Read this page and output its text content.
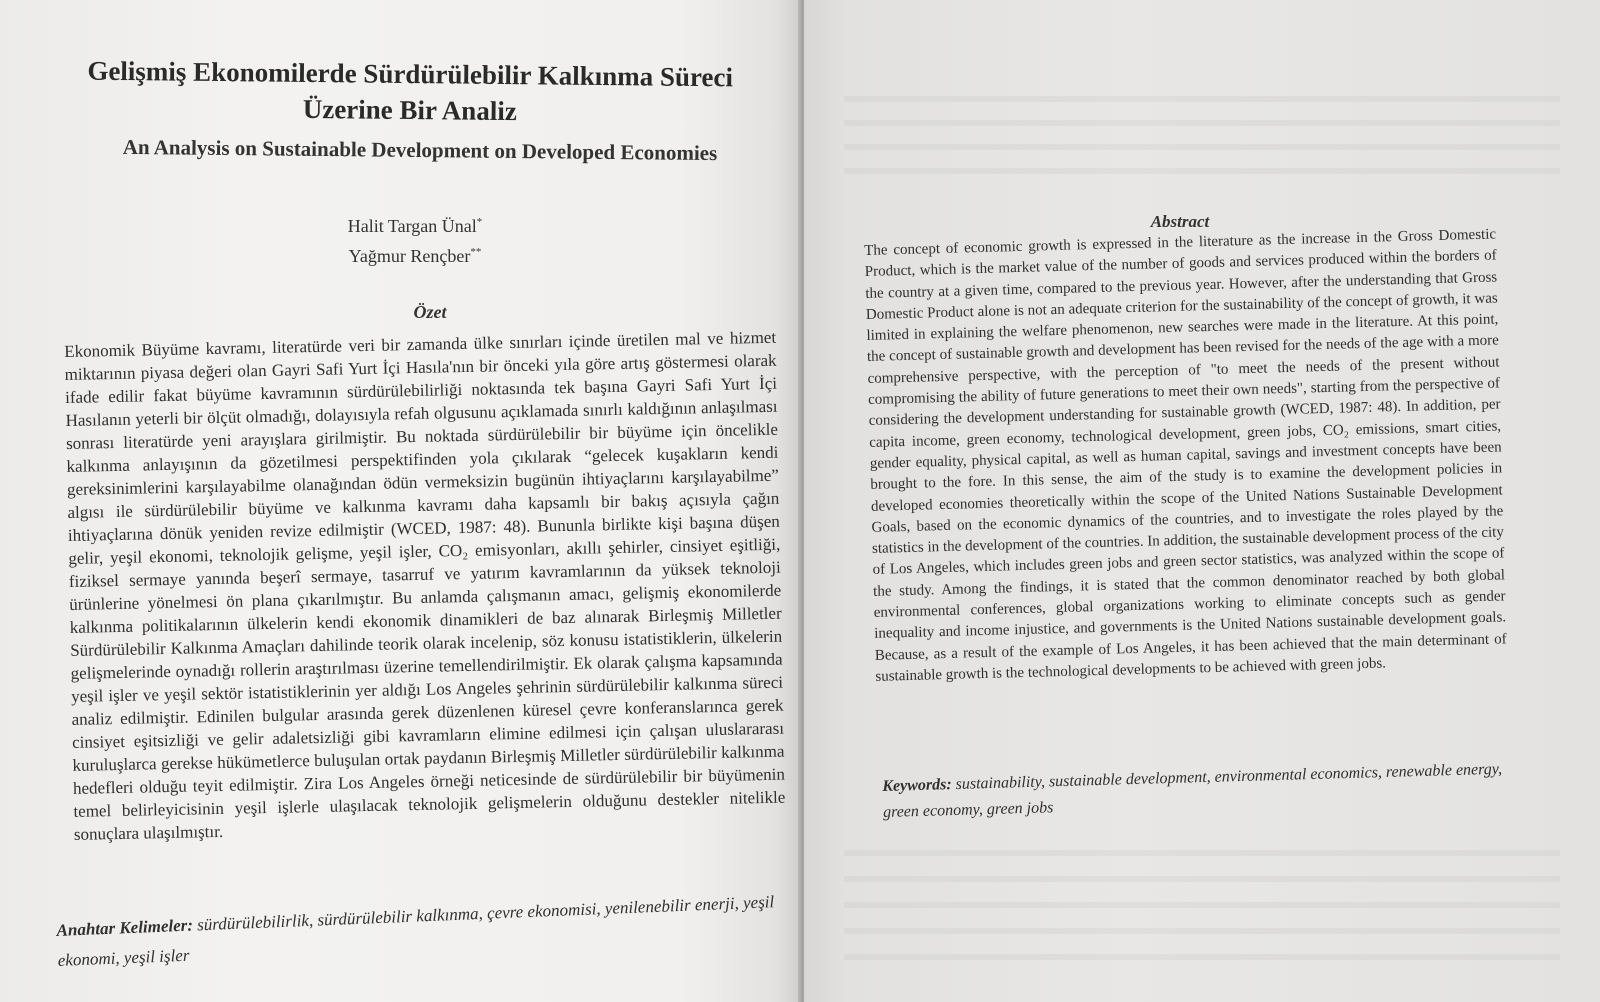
Gelişmiş Ekonomilerde Sürdürülebilir Kalkınma Süreci Üzerine Bir Analiz
An Analysis on Sustainable Development on Developed Economies
Halit Targan Ünal*
Yağmur Rençber**
Özet

Ekonomik Büyüme kavramı, literatürde veri bir zamanda ülke sınırları içinde üretilen mal ve hizmet miktarının piyasa değeri olan Gayri Safi Yurt İçi Hasıla'nın bir önceki yıla göre artış göstermesi olarak ifade edilir fakat büyüme kavramının sürdürülebilirliği noktasında tek başına Gayri Safi Yurt İçi Hasılanın yeterli bir ölçüt olmadığı, dolayısıyla refah olgusunu açıklamada sınırlı kaldığının anlaşılması sonrası literatürde yeni arayışlara girilmiştir. Bu noktada sürdürülebilir bir büyüme için öncelikle kalkınma anlayışının da gözetilmesi perspektifinden yola çıkılarak “gelecek kuşakların kendi gereksinimlerini karşılayabilme olanağından ödün vermeksizin bugünün ihtiyaçlarını karşılayabilme” algısı ile sürdürülebilir büyüme ve kalkınma kavramı daha kapsamlı bir bakış açısıyla çağın ihtiyaçlarına dönük yeniden revize edilmiştir (WCED, 1987: 48). Bununla birlikte kişi başına düşen gelir, yeşil ekonomi, teknolojik gelişme, yeşil işler, CO₂ emisyonları, akıllı şehirler, cinsiyet eşitliği, fiziksel sermaye yanında beşerî sermaye, tasarruf ve yatırım kavramlarının da yüksek teknoloji ürünlerine yönelmesi ön plana çıkarılmıştır. Bu anlamda çalışmanın amacı, gelişmiş ekonomilerde kalkınma politikalarının ülkelerin kendi ekonomik dinamikleri de baz alınarak Birleşmiş Milletler Sürdürülebilir Kalkınma Amaçları dahilinde teorik olarak incelenip, söz konusu istatistiklerin, ülkelerin gelişmelerinde oynadığı rollerin araştırılması üzerine temellendirilmiştir. Ek olarak çalışma kapsamında yeşil işler ve yeşil sektör istatistiklerinin yer aldığı Los Angeles şehrinin sürdürülebilir kalkınma süreci analiz edilmiştir. Edinilen bulgular arasında gerek düzenlenen küresel çevre konferanslarınca gerek cinsiyet eşitsizliği ve gelir adaletsizliği gibi kavramların elimine edilmesi için çalışan uluslararası kuruluşlarca gerekse hükümetlerce buluşulan ortak paydanın Birleşmiş Milletler sürdürülebilir kalkınma hedefleri olduğu teyit edilmiştir. Zira Los Angeles örneği neticesinde de sürdürülebilir bir büyümenin temel belirleyicisinin yeşil işlerle ulaşılacak teknolojik gelişmelerin olduğunu destekler nitelikle sonuçlara ulaşılmıştır.

Anahtar Kelimeler: sürdürülebilirlik, sürdürülebilir kalkınma, çevre ekonomisi, yenilenebilir enerji, yeşil ekonomi, yeşil işler
Abstract

The concept of economic growth is expressed in the literature as the increase in the Gross Domestic Product, which is the market value of the number of goods and services produced within the borders of the country at a given time, compared to the previous year. However, after the understanding that Gross Domestic Product alone is not an adequate criterion for the sustainability of the concept of growth, it was limited in explaining the welfare phenomenon, new searches were made in the literature. At this point, the concept of sustainable growth and development has been revised for the needs of the age with a more comprehensive perspective, with the perception of "to meet the needs of the present without compromising the ability of future generations to meet their own needs", starting from the perspective of considering the development understanding for sustainable growth (WCED, 1987: 48). In addition, per capita income, green economy, technological development, green jobs, CO₂ emissions, smart cities, gender equality, physical capital, as well as human capital, savings and investment concepts have been brought to the fore. In this sense, the aim of the study is to examine the development policies in developed economies theoretically within the scope of the United Nations Sustainable Development Goals, based on the economic dynamics of the countries, and to investigate the roles played by the statistics in the development of the countries. In addition, the sustainable development process of the city of Los Angeles, which includes green jobs and green sector statistics, was analyzed within the scope of the study. Among the findings, it is stated that the common denominator reached by both global environmental conferences, global organizations working to eliminate concepts such as gender inequality and income injustice, and governments is the United Nations sustainable development goals. Because, as a result of the example of Los Angeles, it has been achieved that the main determinant of sustainable growth is the technological developments to be achieved with green jobs.

Keywords: sustainability, sustainable development, environmental economics, renewable energy, green economy, green jobs
